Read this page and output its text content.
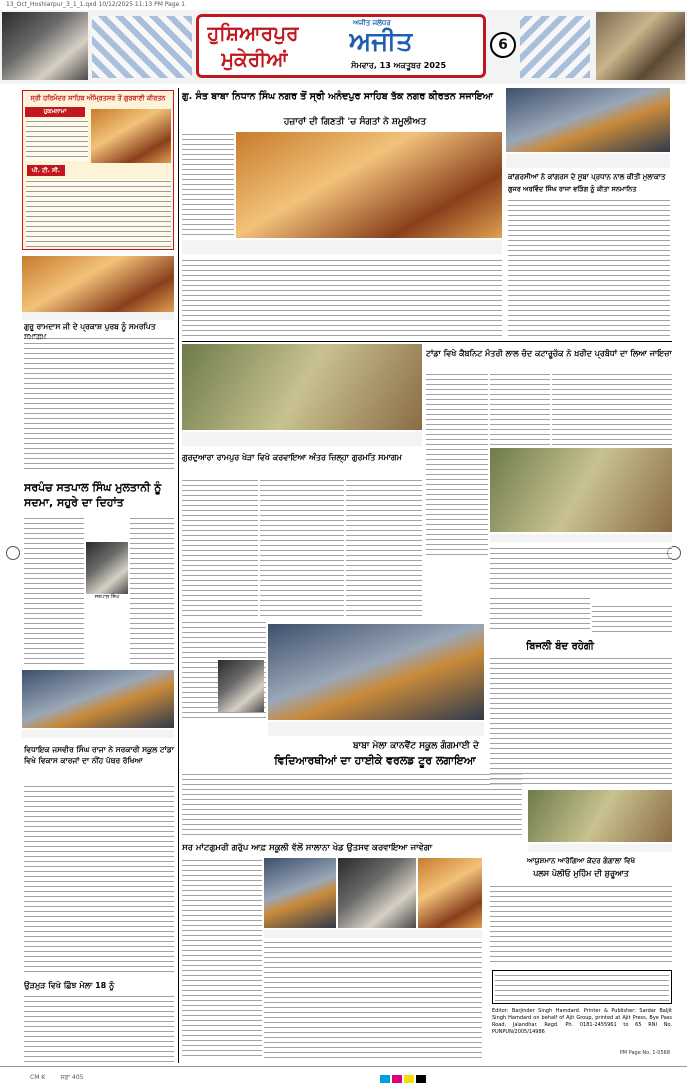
13_Oct_Hoshiarpur_3_1_1.qxd 10/12/2025 11:13 PM Page 1
ਹੁਸ਼ਿਆਰਪੁਰ
ਮੁਕੇਰੀਆਂ
ਅਜੀਤ ਜਲੰਧਰ
ਅਜੀਤ
ਸੋਮਵਾਰ, 13 ਅਕਤੂਬਰ 2025
6
ਸ੍ਰੀ ਹਰਿਮੰਦਰ ਸਾਹਿਬ ਅੰਮ੍ਰਿਤਸਰ ਤੋਂ ਗੁਰਬਾਣੀ ਕੀਰਤਨ
ਹੁਕਮਨਾਮਾ
ਪੀ. ਟੀ. ਸੀ.
ਗੁਰੂ ਰਾਮਦਾਸ ਜੀ ਦੇ ਪ੍ਰਕਾਸ਼ ਪੁਰਬ ਨੂੰ ਸਮਰਪਿਤ
ਸਰਪੰਚ ਸਤਪਾਲ ਸਿੰਘ ਮੁਲਤਾਨੀ ਨੂੰ ਸਦਮਾ, ਸਹੁਰੇ ਦਾ ਦਿਹਾਂਤ
ਸਤਪਾਲ ਸਿੰਘ
ਵਿਧਾਇਕ ਜਸਵੀਰ ਸਿੰਘ ਰਾਜਾ ਨੇ ਸਰਕਾਰੀ ਸਕੂਲ ਟਾਂਡਾ ਵਿਖੇ ਵਿਕਾਸ ਕਾਰਜਾਂ ਦਾ ਨੀਂਹ ਪੱਥਰ ਰੱਖਿਆ
ਉੜਮੁੜ ਵਿਖੇ ਛਿੰਝ ਮੇਲਾ 18 ਨੂੰ
ਗੁ. ਸੰਤ ਬਾਬਾ ਨਿਧਾਨ ਸਿੰਘ ਨਗਰ ਤੋਂ ਸ੍ਰੀ ਅਨੰਦਪੁਰ ਸਾਹਿਬ ਤੱਕ ਨਗਰ ਕੀਰਤਨ ਸਜਾਇਆ
ਹਜ਼ਾਰਾਂ ਦੀ ਗਿਣਤੀ 'ਚ ਸੰਗਤਾਂ ਨੇ ਸ਼ਮੂਲੀਅਤ
ਕਾਂਗਰਸੀਆਂ ਨੇ ਕਾਂਗਰਸ ਦੇ ਸੂਬਾ ਪ੍ਰਧਾਨ ਨਾਲ ਕੀਤੀ ਮੁਲਾਕਾਤ
ਗੁਜਰ ਅਰਵਿੰਦ ਸਿੰਘ ਰਾਜਾ ਵੜਿੰਗ ਨੂੰ ਕੀਤਾ ਸਨਮਾਨਿਤ
ਟਾਂਡਾ ਵਿਖੇ ਕੈਬਨਿਟ ਮੰਤਰੀ ਲਾਲ ਚੰਦ ਕਟਾਰੂਚੱਕ ਨੇ ਖ਼ਰੀਦ ਪ੍ਰਬੰਧਾਂ ਦਾ ਲਿਆ ਜਾਇਜ਼ਾ
ਗੁਰਦੁਆਰਾ ਰਾਮਪੁਰ ਖੇੜਾ ਵਿਖੇ ਕਰਵਾਇਆ ਅੰਤਰ ਜ਼ਿਲ੍ਹਾ ਗੁਰਮਤਿ ਸਮਾਗਮ
ਬਾਬਾ ਮੇਲਾ ਕਾਨਵੈਂਟ ਸਕੂਲ ਗੰਗਮਾਈ ਦੇ
ਵਿਦਿਆਰਥੀਆਂ ਦਾ ਹਾਈਕੇ ਵਰਲਡ ਟੂਰ ਲਗਾਇਆ
ਬਿਜਲੀ ਬੰਦ ਰਹੇਗੀ
ਸਰ ਮਾਂਟਗੁਮਰੀ ਗਰੁੱਪ ਆਫ਼ ਸਕੂਲੀ ਵੱਲੋਂ ਸਾਲਾਨਾ ਖੇਡ ਉਤਸਵ ਕਰਵਾਇਆ ਜਾਵੇਗਾ
ਆਯੁਸ਼ਮਾਨ ਆਰੋਗਿਆ ਕੇਂਦਰ ਗੰਗਾਲਾ ਵਿਖੇ
ਪਲਸ ਪੋਲੀਓ ਮੁਹਿੰਮ ਦੀ ਸ਼ੁਰੂਆਤ
Editor: Barjinder Singh Hamdard. Printer & Publisher: Sardar Baljit Singh Hamdard on behalf of Ajit Group, printed at Ajit Press, Bye Pass Road, Jalandhar. Regd. Ph. 0181-2455961 to 65 RNI No. PUNPUN/2005/14986
PM Page No. 1-0568
CM K        ਸਫ਼ਾ 405
